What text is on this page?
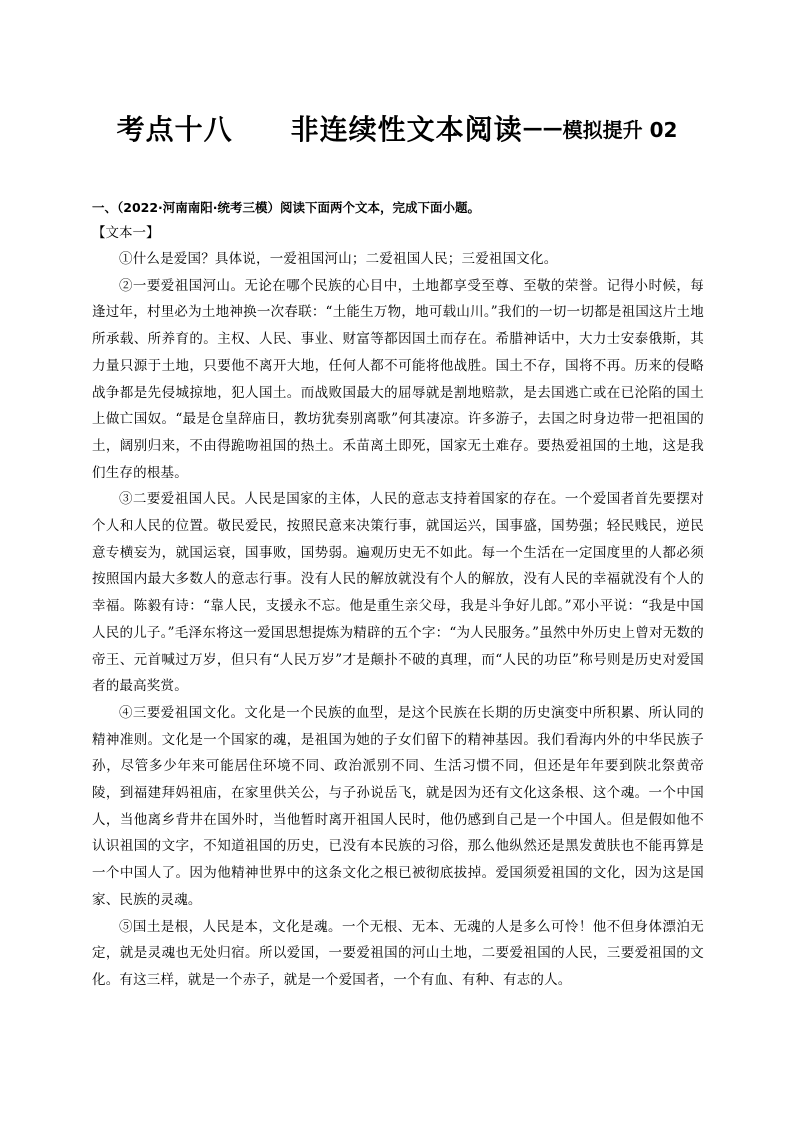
考点十八 非连续性文本阅读——模拟提升 02
一、（2022·河南南阳·统考三模）阅读下面两个文本，完成下面小题。
【文本一】

①什么是爱国？具体说，一爱祖国河山；二爱祖国人民；三爱祖国文化。

②一要爱祖国河山。无论在哪个民族的心目中，土地都享受至尊、至敬的荣誉。记得小时候，每逢过年，村里必为土地神换一次春联：“土能生万物，地可载山川。”我们的一切一切都是祖国这片土地所承载、所养育的。主权、人民、事业、财富等都因国土而存在。希腊神话中，大力士安泰俄斯，其力量只源于土地，只要他不离开大地，任何人都不可能将他战胜。国土不存，国将不再。历来的侵略战争都是先侵城掠地，犯人国土。而战败国最大的屈辱就是割地赔款，是去国逃亡或在已沦陷的国土上做亡国奴。“最是仓皇辞庙日，教坊犹奏别离歌”何其凄凉。许多游子，去国之时身边带一把祖国的土，阔别归来，不由得跪吻祖国的热土。禾苗离土即死，国家无土难存。要热爱祖国的土地，这是我们生存的根基。

③二要爱祖国人民。人民是国家的主体，人民的意志支持着国家的存在。一个爱国者首先要摆对个人和人民的位置。敬民爱民，按照民意来决策行事，就国运兴，国事盛，国势强；轻民贱民，逆民意专横妄为，就国运衰，国事败，国势弱。遍观历史无不如此。每一个生活在一定国度里的人都必须按照国内最大多数人的意志行事。没有人民的解放就没有个人的解放，没有人民的幸福就没有个人的幸福。陈毅有诗：“靠人民，支援永不忘。他是重生亲父母，我是斗争好儿郎。”邓小平说：“我是中国人民的儿子。”毛泽东将这一爱国思想提炼为精辟的五个字：“为人民服务。”虽然中外历史上曾对无数的帝王、元首喊过万岁，但只有“人民万岁”才是颠扑不破的真理，而“人民的功臣”称号则是历史对爱国者的最高奖赏。

④三要爱祖国文化。文化是一个民族的血型，是这个民族在长期的历史演变中所积累、所认同的精神准则。文化是一个国家的魂，是祖国为她的子女们留下的精神基因。我们看海内外的中华民族子孙，尽管多少年来可能居住环境不同、政治派别不同、生活习惯不同，但还是年年要到陕北祭黄帝陵，到福建拜妈祖庙，在家里供关公，与子孙说岳飞，就是因为还有文化这条根、这个魂。一个中国人，当他离乡背井在国外时，当他暂时离开祖国人民时，他仍感到自己是一个中国人。但是假如他不认识祖国的文字，不知道祖国的历史，已没有本民族的习俗，那么他纵然还是黑发黄肤也不能再算是一个中国人了。因为他精神世界中的这条文化之根已被彻底拔掉。爱国须爱祖国的文化，因为这是国家、民族的灵魂。

⑤国土是根，人民是本，文化是魂。一个无根、无本、无魂的人是多么可怜！他不但身体漂泊无定，就是灵魂也无处归宿。所以爱国，一要爱祖国的河山土地，二要爱祖国的人民，三要爱祖国的文化。有这三样，就是一个赤子，就是一个爱国者，一个有血、有种、有志的人。
